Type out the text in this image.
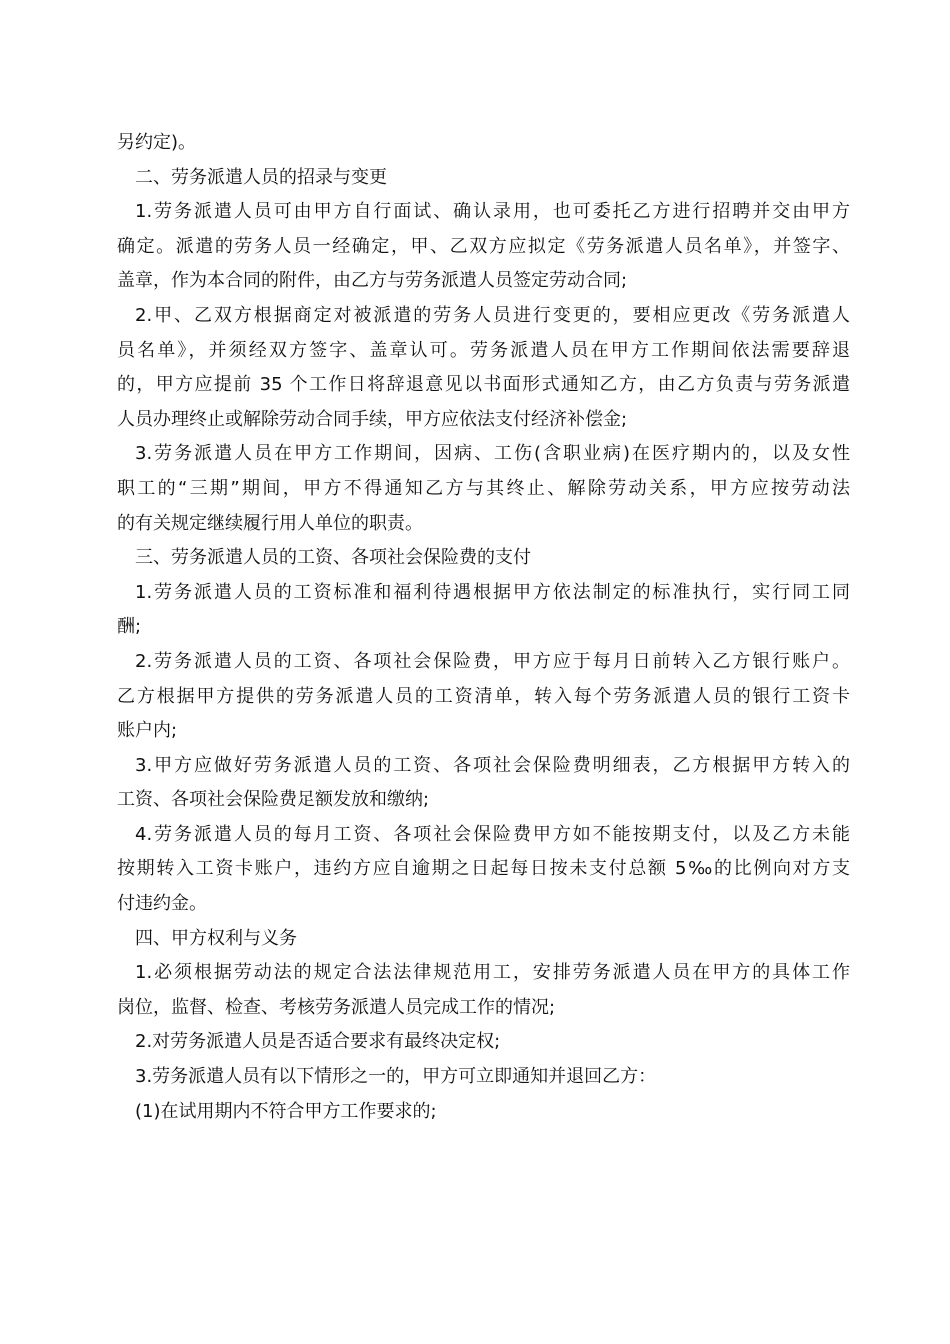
另约定)。
二、劳务派遣人员的招录与变更
1.劳务派遣人员可由甲方自行面试、确认录用，也可委托乙方进行招聘并交由甲方
确定。派遣的劳务人员一经确定，甲、乙双方应拟定《劳务派遣人员名单》，并签字、
盖章，作为本合同的附件，由乙方与劳务派遣人员签定劳动合同;
2.甲、乙双方根据商定对被派遣的劳务人员进行变更的，要相应更改《劳务派遣人
员名单》，并须经双方签字、盖章认可。劳务派遣人员在甲方工作期间依法需要辞退
的，甲方应提前 35 个工作日将辞退意见以书面形式通知乙方，由乙方负责与劳务派遣
人员办理终止或解除劳动合同手续，甲方应依法支付经济补偿金;
3.劳务派遣人员在甲方工作期间，因病、工伤(含职业病)在医疗期内的，以及女性
职工的“三期”期间，甲方不得通知乙方与其终止、解除劳动关系，甲方应按劳动法
的有关规定继续履行用人单位的职责。
三、劳务派遣人员的工资、各项社会保险费的支付
1.劳务派遣人员的工资标准和福利待遇根据甲方依法制定的标准执行，实行同工同
酬;
2.劳务派遣人员的工资、各项社会保险费，甲方应于每月日前转入乙方银行账户。
乙方根据甲方提供的劳务派遣人员的工资清单，转入每个劳务派遣人员的银行工资卡
账户内;
3.甲方应做好劳务派遣人员的工资、各项社会保险费明细表，乙方根据甲方转入的
工资、各项社会保险费足额发放和缴纳;
4.劳务派遣人员的每月工资、各项社会保险费甲方如不能按期支付，以及乙方未能
按期转入工资卡账户，违约方应自逾期之日起每日按未支付总额 5‰的比例向对方支
付违约金。
四、甲方权利与义务
1.必须根据劳动法的规定合法法律规范用工，安排劳务派遣人员在甲方的具体工作
岗位，监督、检查、考核劳务派遣人员完成工作的情况;
2.对劳务派遣人员是否适合要求有最终决定权;
3.劳务派遣人员有以下情形之一的，甲方可立即通知并退回乙方：
(1)在试用期内不符合甲方工作要求的;
